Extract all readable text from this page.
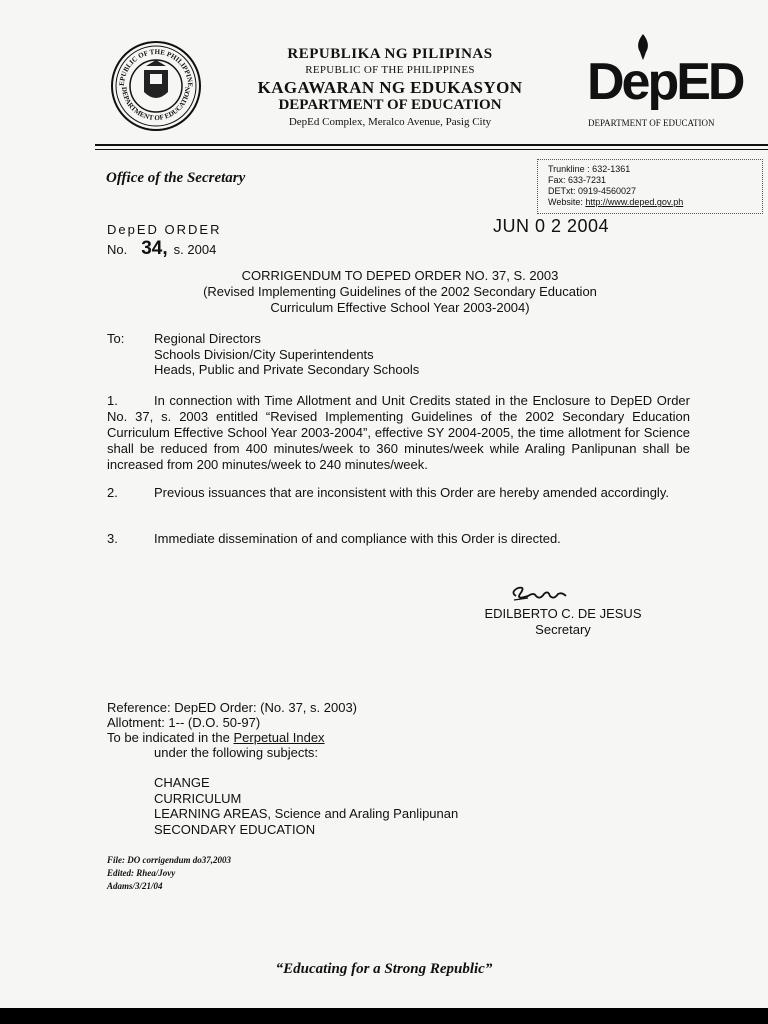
EPUBLIC OF THE PHILIPPINE
DEPARTMENT OF EDUCATION
REPUBLIKA NG PILIPINAS
REPUBLIC OF THE PHILIPPINES
KAGAWARAN NG EDUKASYON
DEPARTMENT OF EDUCATION
DepEd Complex, Meralco Avenue, Pasig City
DepED
DEPARTMENT OF EDUCATION
Office of the Secretary
Trunkline : 632-1361
Fax: 633-7231
DETxt: 0919-4560027
Website: http://www.deped.gov.ph
JUN 0 2 2004
DepED ORDER
No. 34, s. 2004
CORRIGENDUM TO DEPED ORDER NO. 37, S. 2003
(Revised Implementing Guidelines of the 2002 Secondary Education
Curriculum Effective School Year 2003-2004)
To: Regional Directors
Schools Division/City Superintendents
Heads, Public and Private Secondary Schools
1.	In connection with Time Allotment and Unit Credits stated in the Enclosure to DepED Order No. 37, s. 2003 entitled “Revised Implementing Guidelines of the 2002 Secondary Education Curriculum Effective School Year 2003-2004”, effective SY 2004-2005, the time allotment for Science shall be reduced from 400 minutes/week to 360 minutes/week while Araling Panlipunan shall be increased from 200 minutes/week to 240 minutes/week.
2.	Previous issuances that are inconsistent with this Order are hereby amended accordingly.
3.	Immediate dissemination of and compliance with this Order is directed.
EDILBERTO C. DE JESUS
Secretary
Reference: DepED Order: (No. 37, s. 2003)
Allotment: 1-- (D.O. 50-97)
To be indicated in the Perpetual Index
under the following subjects:
CHANGE
CURRICULUM
LEARNING AREAS, Science and Araling Panlipunan
SECONDARY EDUCATION
File: DO corrigendum do37,2003
Edited: Rhea/Jovy
Adams/3/21/04
“Educating for a Strong Republic”
